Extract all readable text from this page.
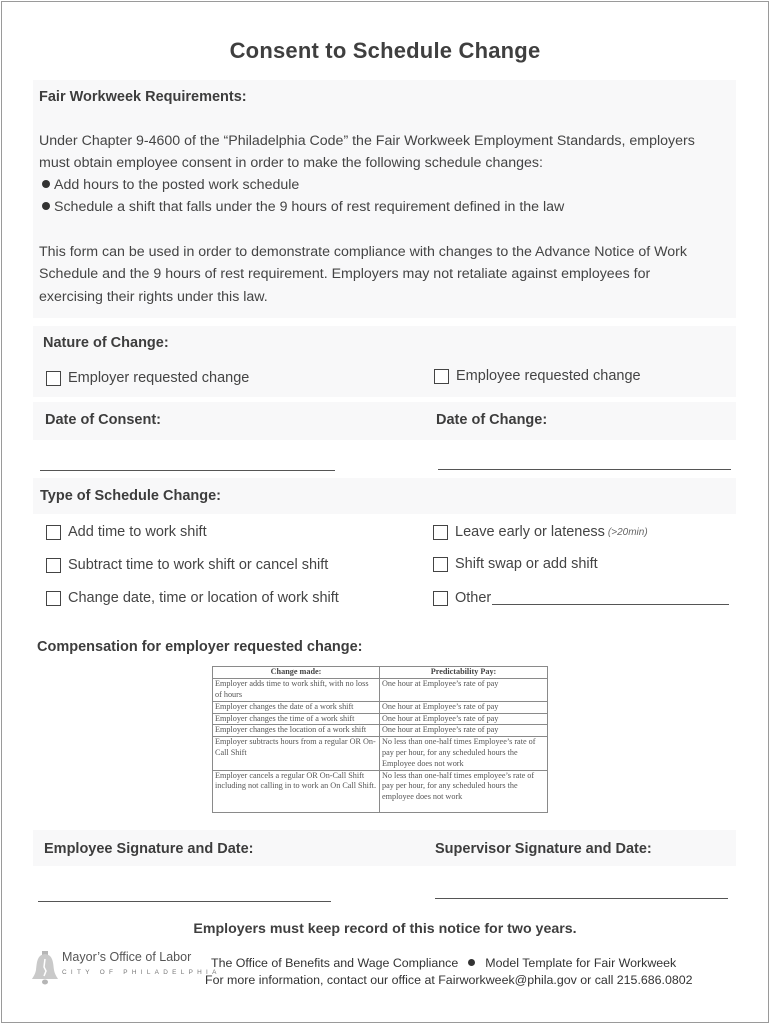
Consent to Schedule Change
Fair Workweek Requirements:
Under Chapter 9-4600 of the “Philadelphia Code” the Fair Workweek Employment Standards, employers
must obtain employee consent in order to make the following schedule changes:
Add hours to the posted work schedule
Schedule a shift that falls under the 9 hours of rest requirement defined in the law
This form can be used in order to demonstrate compliance with changes to the Advance Notice of Work
Schedule and the 9 hours of rest requirement. Employers may not retaliate against employees for
exercising their rights under this law.
Nature of Change:
Employer requested change	Employee requested change
Date of Consent:	Date of Change:
Type of Schedule Change:
Add time to work shift
Subtract time to work shift or cancel shift
Change date, time or location of work shift
Leave early or lateness (>20min)
Shift swap or add shift
Other
Compensation for employer requested change:
Change made:	Predictability Pay:
Employer adds time to work shift, with no loss of hours	One hour at Employee’s rate of pay
Employer changes the date of a work shift	One hour at Employee’s rate of pay
Employer changes the time of a work shift	One hour at Employee’s rate of pay
Employer changes the location of a work shift	One hour at Employee’s rate of pay
Employer subtracts hours from a regular OR On-Call Shift	No less than one-half times Employee’s rate of pay per hour, for any scheduled hours the Employee does not work
Employer cancels a regular OR On-Call Shift including not calling in to work an On Call Shift.	No less than one-half times employee’s rate of pay per hour, for any scheduled hours the employee does not work
Employee Signature and Date:	Supervisor Signature and Date:
Employers must keep record of this notice for two years.
Mayor’s Office of Labor
CITY OF PHILADELPHIA
The Office of Benefits and Wage Compliance Model Template for Fair Workweek
For more information, contact our office at Fairworkweek@phila.gov or call 215.686.0802
